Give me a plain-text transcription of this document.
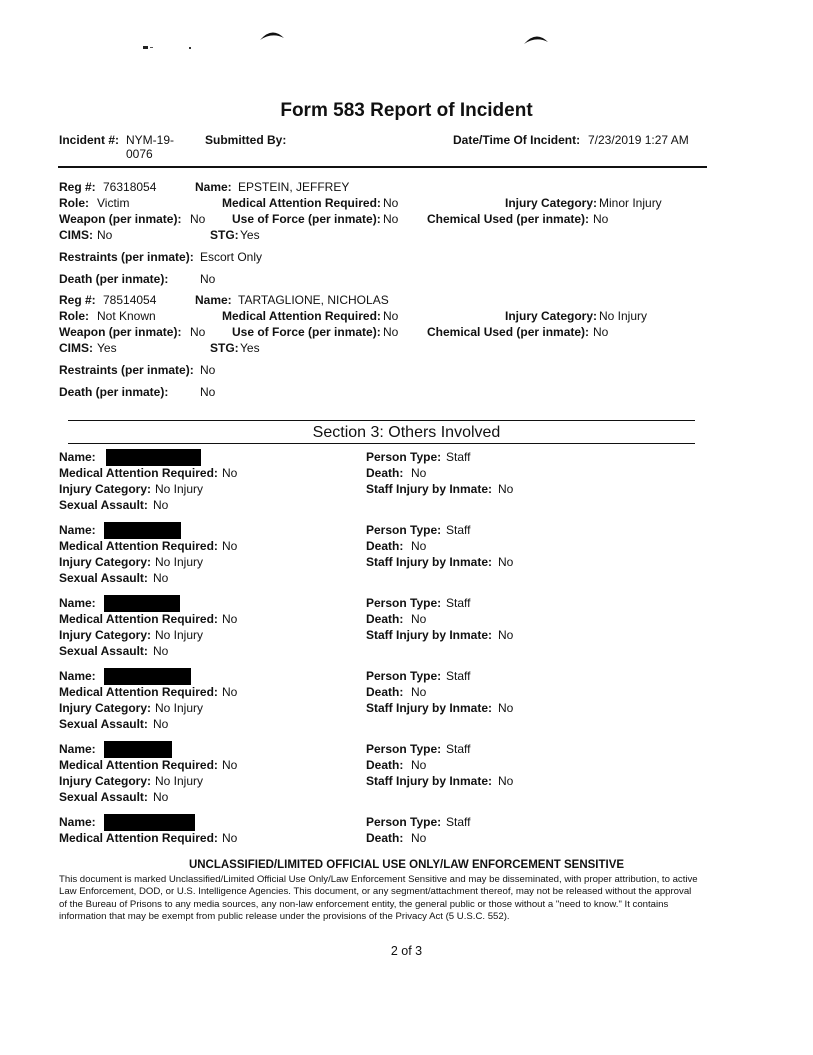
Form 583 Report of Incident
Incident #: NYM-19-
0076
Submitted By:	Date/Time Of Incident: 7/23/2019 1:27 AM
Reg #: 76318054	Name: EPSTEIN, JEFFREY
Role: Victim	Medical Attention Required: No	Injury Category: Minor Injury
Weapon (per inmate): No Use of Force (per inmate): No Chemical Used (per inmate): No
CIMS: No	STG: Yes
Restraints (per inmate): Escort Only
Death (per inmate):	No
Reg #: 78514054	Name: TARTAGLIONE, NICHOLAS
Role: Not Known	Medical Attention Required: No	Injury Category: No Injury
Weapon (per inmate): No Use of Force (per inmate): No Chemical Used (per inmate): No
CIMS: Yes	STG: Yes
Restraints (per inmate): No
Death (per inmate):	No
Section 3: Others Involved
Name:	Person Type: Staff
Medical Attention Required: No	Death: No
Injury Category: No Injury	Staff Injury by Inmate: No
Sexual Assault: No
Name:	Person Type: Staff
Medical Attention Required: No	Death: No
Injury Category: No Injury	Staff Injury by Inmate: No
Sexual Assault: No
Name:	Person Type: Staff
Medical Attention Required: No	Death: No
Injury Category: No Injury	Staff Injury by Inmate: No
Sexual Assault: No
Name:	Person Type: Staff
Medical Attention Required: No	Death: No
Injury Category: No Injury	Staff Injury by Inmate: No
Sexual Assault: No
Name:	Person Type: Staff
Medical Attention Required: No	Death: No
Injury Category: No Injury	Staff Injury by Inmate: No
Sexual Assault: No
Name:	Person Type: Staff
Medical Attention Required: No	Death: No
UNCLASSIFIED/LIMITED OFFICIAL USE ONLY/LAW ENFORCEMENT SENSITIVE
This document is marked Unclassified/Limited Official Use Only/Law Enforcement Sensitive and may be disseminated, with proper attribution, to active Law Enforcement, DOD, or U.S. Intelligence Agencies. This document, or any segment/attachment thereof, may not be released without the approval of the Bureau of Prisons to any media sources, any non-law enforcement entity, the general public or those without a "need to know." It contains information that may be exempt from public release under the provisions of the Privacy Act (5 U.S.C. 552).
2 of 3
